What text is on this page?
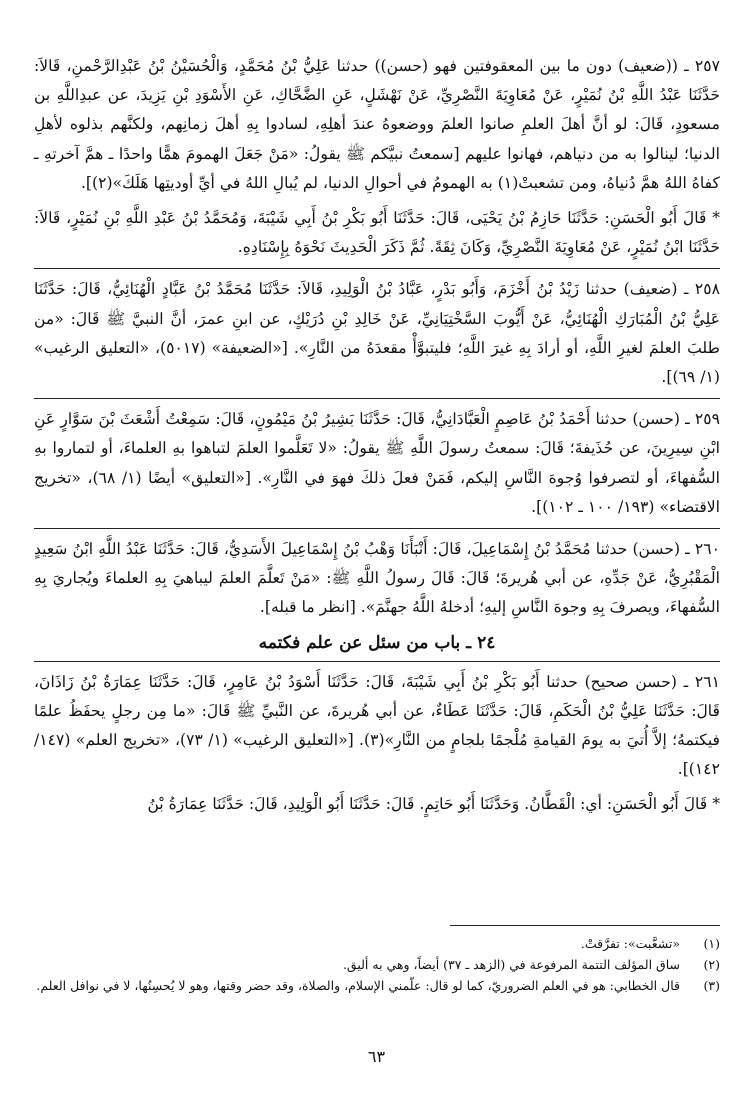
٢٥٧ ـ ((ضعيف) دون ما بين المعقوفتين فهو (حسن)) حدثنا عَلِيُّ بْنُ مُحَمَّدٍ، وَالْحُسَيْنُ بْنُ عَبْدِالرَّحْمنِ، قَالاَ: حَدَّثَنَا عَبْدُ اللَّهِ بْنُ نُمَيْرٍ، عَنْ مُعَاوِيَةَ النَّصْرِيِّ، عَنْ نَهْشَلٍ، عَنِ الضَّحَّاكِ، عَنِ الأَسْوَدِ بْنِ يَزِيدَ، عن عبدِاللَّهِ بن مسعودٍ، قَالَ: لو أنَّ أهلَ العلمِ صانوا العلمَ ووضعوهُ عندَ أهلِهِ، لسادوا بِهِ أهلَ زمانِهم، ولكنَّهم بذلوه لأهلِ الدنيا؛ لينالوا به من دنياهم، فهانوا عليهم [سمعتُ نبيَّكم ﷺ يقولُ: «مَنْ جَعَلَ الهمومَ همًّا واحدًا ـ همَّ آخرتهِ ـ كفاهُ اللهُ همَّ دُنياهُ، ومن تشعبتْ(١) به الهمومُ في أحوالِ الدنيا، لم يُبالِ اللهُ في أيِّ أوديتِها هَلَكَ»(٢)].

* قَالَ أَبُو الْحَسَنِ: حَدَّثَنَا حَازِمُ بْنُ يَحْيَى، قَالَ: حَدَّثَنَا أَبُو بَكْرِ بْنُ أَبِي شَيْبَةَ، وَمُحَمَّدُ بْنُ عَبْدِ اللَّهِ بْنِ نُمَيْرٍ، قَالاَ: حَدَّثَنَا ابْنُ نُمَيْرٍ، عَنْ مُعَاوِيَةَ النَّصْرِيِّ، وَكَانَ ثِقَةً. ثُمَّ ذَكَرَ الْحَدِيثَ نَحْوَهُ بِإِسْنَادِهِ.

٢٥٨ ـ (ضعيف) حدثنا زَيْدُ بْنُ أَخْزَمَ، وَأَبُو بَدْرٍ، عَبَّادُ بْنُ الْوَلِيدِ، قَالاَ: حَدَّثَنَا مُحَمَّدُ بْنُ عَبَّادٍ الْهُنَائِيُّ، قَالَ: حَدَّثَنَا عَلِيُّ بْنُ الْمُبَارَكِ الْهُنَائِيُّ، عَنْ أَيُّوبَ السَّخْتِيَانِيِّ، عَنْ خَالِدِ بْنِ دُرَيْكٍ، عن ابنِ عمرَ، أنَّ النبيَّ ﷺ قَالَ: «من طلبَ العلمَ لغيرِ اللَّهِ، أو أرادَ بِهِ غيرَ اللَّهِ؛ فليتبوَّأْ مقعدَهُ من النَّارِ». [«الضعيفة» (٥٠١٧)، «التعليق الرغيب» (١/ ٦٩)].

٢٥٩ ـ (حسن) حدثنا أَحْمَدُ بْنُ عَاصِمٍ الْعَبَّادَانِيُّ، قَالَ: حَدَّثَنَا بَشِيرُ بْنُ مَيْمُونٍ، قَالَ: سَمِعْتُ أَشْعَثَ بْنَ سَوَّارٍ عَنِ ابْنِ سِيرِينَ، عن حُذَيفةَ؛ قَالَ: سمعتُ رسولَ اللَّهِ ﷺ يقولُ: «لا تَعَلَّموا العلمَ لتباهوا بهِ العلماءَ، أو لتماروا بهِ السُّفهاءَ، أو لتصرفوا وُجوهَ النَّاسِ إليكم، فَمَنْ فعلَ ذلكَ فهوَ في النَّارِ». [«التعليق» أيضًا (١/ ٦٨)، «تخريج الاقتضاء» (١٩٣/ ١٠٠ ـ ١٠٢)].

٢٦٠ ـ (حسن) حدثنا مُحَمَّدُ بْنُ إِسْمَاعِيلَ، قَالَ: أَنْبَأَنَا وَهْبُ بْنُ إِسْمَاعِيلَ الأَسَدِيُّ، قَالَ: حَدَّثَنَا عَبْدُ اللَّهِ ابْنُ سَعِيدٍ الْمَقْبُرِيُّ، عَنْ جَدِّهِ، عن أبي هُريرةَ؛ قَالَ: قَالَ رسولُ اللَّهِ ﷺ: «مَنْ تَعلَّمَ العلمَ ليباهيَ بِهِ العلماءَ ويُجاريَ بِهِ السُّفهاءَ، ويصرفَ بِهِ وجوهَ النَّاسِ إليهِ؛ أدخلهُ اللَّهُ جهنَّمَ». [انظر ما قبله].

٢٤ ـ باب من سئل عن علم فكتمه

٢٦١ ـ (حسن صحيح) حدثنا أَبُو بَكْرِ بْنُ أَبِي شَيْبَةَ، قَالَ: حَدَّثَنَا أَسْوَدُ بْنُ عَامِرٍ، قَالَ: حَدَّثَنَا عِمَارَةُ بْنُ زَاذَانَ، قَالَ: حَدَّثَنَا عَلِيُّ بْنُ الْحَكَمِ، قَالَ: حَدَّثَنَا عَطَاءٌ، عن أبي هُريرةَ، عن النَّبيِّ ﷺ قَالَ: «ما مِن رجلٍ يحفَظُ علمًا فيكتمهُ؛ إلاَّ أُتيَ به يومَ القيامةِ مُلْجمًا بلجامٍ من النَّارِ»(٣). [«التعليق الرغيب» (١/ ٧٣)، «تخريج العلم» (١٤٧/ ١٤٢)].

* قَالَ أَبُو الْحَسَنِ: أي: الْقَطَّانُ. وَحَدَّثَنَا أَبُو حَاتِمٍ. قَالَ: حَدَّثَنَا أَبُو الْوَلِيدِ، قَالَ: حَدَّثَنَا عِمَارَةُ بْنُ

(١)
«تشعَّبت»: تفرَّقتْ.
(٢)
ساق المؤلف التتمة المرفوعة في (الزهد ـ ٣٧) أيضاً، وهي به أليق.
(٣)
قال الخطابي: هو في العلم الضروريّ، كما لو قال: علّمني الإسلام، والصلاة، وقد حضر وقتها، وهو لا يُحسِنُها، لا في نوافل العلم.
٦٣
